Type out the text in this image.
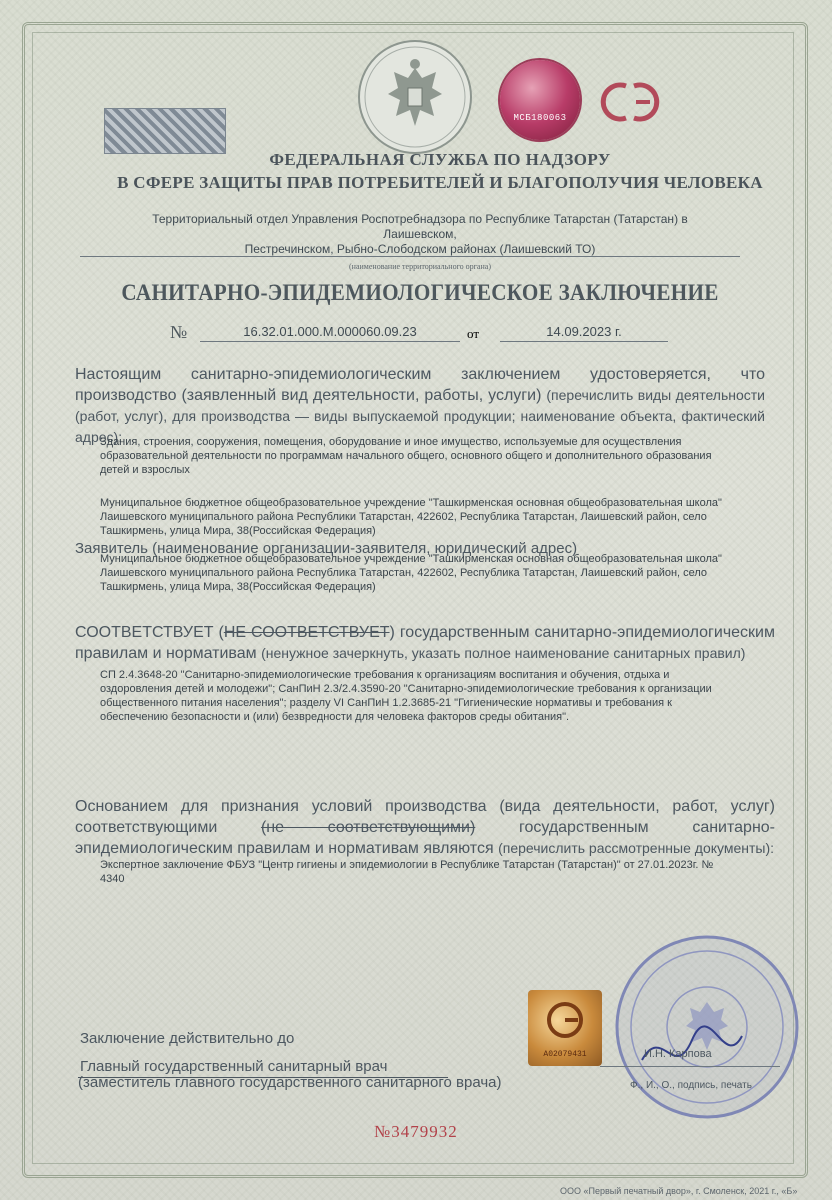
МСБ180063
ФЕДЕРАЛЬНАЯ СЛУЖБА ПО НАДЗОРУ
В СФЕРЕ ЗАЩИТЫ ПРАВ ПОТРЕБИТЕЛЕЙ И БЛАГОПОЛУЧИЯ ЧЕЛОВЕКА
Территориальный отдел Управления Роспотребнадзора по Республике Татарстан (Татарстан) в Лаишевском,
Пестречинском, Рыбно-Слободском районах (Лаишевский ТО)
(наименование территориального органа)
САНИТАРНО-ЭПИДЕМИОЛОГИЧЕСКОЕ ЗАКЛЮЧЕНИЕ
№	16.32.01.000.М.000060.09.23	от	14.09.2023 г.
Настоящим санитарно-эпидемиологическим заключением удостоверяется, что производство (заявленный вид деятельности, работы, услуги) (перечислить виды деятельности (работ, услуг), для производства — виды выпускаемой продукции; наименование объекта, фактический адрес):
Здания, строения, сооружения, помещения, оборудование и иное имущество, используемые для осуществления образовательной деятельности по программам начального общего, основного общего и дополнительного образования детей и взрослых
Муниципальное бюджетное общеобразовательное учреждение "Ташкирменская основная общеобразовательная школа" Лаишевского муниципального района Республики Татарстан, 422602, Республика Татарстан, Лаишевский район, село Ташкирмень, улица Мира, 38(Российская Федерация)
Заявитель (наименование организации-заявителя, юридический адрес)
Муниципальное бюджетное общеобразовательное учреждение "Ташкирменская основная общеобразовательная школа" Лаишевского муниципального района Республика Татарстан, 422602, Республика Татарстан, Лаишевский район, село Ташкирмень, улица Мира, 38(Российская Федерация)
СООТВЕТСТВУЕТ (НЕ СООТВЕТСТВУЕТ) государственным санитарно-эпидемиологическим правилам и нормативам (ненужное зачеркнуть, указать полное наименование санитарных правил)
СП 2.4.3648-20 "Санитарно-эпидемиологические требования к организациям воспитания и обучения, отдыха и оздоровления детей и молодежи"; СанПиН 2.3/2.4.3590-20 "Санитарно-эпидемиологические требования к организации общественного питания населения"; разделу VI СанПиН 1.2.3685-21 "Гигиенические нормативы и требования к обеспечению безопасности и (или) безвредности для человека факторов среды обитания".
Основанием для признания условий производства (вида деятельности, работ, услуг) соответствующими	(не соответствующими)	государственным санитарно-эпидемиологическим правилам и нормативам являются (перечислить рассмотренные документы):
Экспертное заключение ФБУЗ "Центр гигиены и эпидемиологии в Республике Татарстан (Татарстан)" от 27.01.2023г. № 4340
Заключение действительно до
Главный государственный санитарный врач
(заместитель главного государственного санитарного врача)
А02079431	И.Н. Карпова
Ф., И., О., подпись, печать
№3479932
ООО «Первый печатный двор», г. Смоленск, 2021 г., «Б»
